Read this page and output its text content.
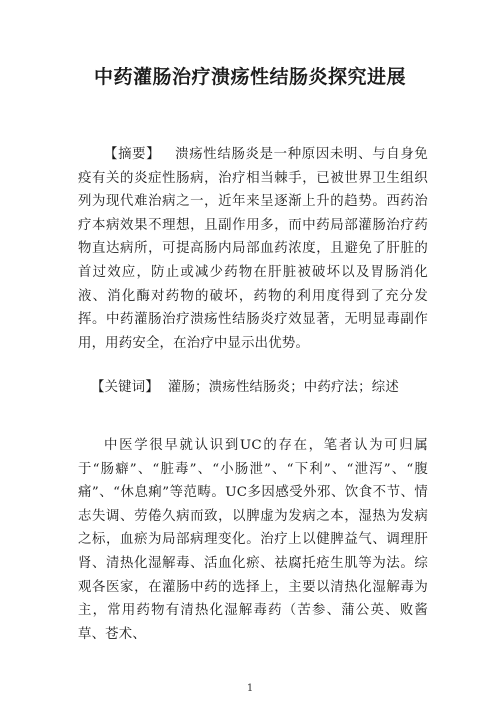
中药灌肠治疗溃疡性结肠炎探究进展
【摘要】 溃疡性结肠炎是一种原因未明、与自身免疫有关的炎症性肠病，治疗相当棘手，已被世界卫生组织列为现代难治病之一，近年来呈逐渐上升的趋势。西药治疗本病效果不理想，且副作用多，而中药局部灌肠治疗药物直达病所，可提高肠内局部血药浓度，且避免了肝脏的首过效应，防止或减少药物在肝脏被破坏以及胃肠消化液、消化酶对药物的破坏，药物的利用度得到了充分发挥。中药灌肠治疗溃疡性结肠炎疗效显著，无明显毒副作用，用药安全，在治疗中显示出优势。
【关键词】 灌肠；溃疡性结肠炎；中药疗法；综述
中医学很早就认识到UC的存在，笔者认为可归属于“肠癖”、“脏毒”、“小肠泄”、“下利”、“泄泻”、“腹痛”、“休息痢”等范畴。UC多因感受外邪、饮食不节、情志失调、劳倦久病而致，以脾虚为发病之本，湿热为发病之标，血瘀为局部病理变化。治疗上以健脾益气、调理肝肾、清热化湿解毒、活血化瘀、祛腐托疮生肌等为法。综观各医家，在灌肠中药的选择上，主要以清热化湿解毒为主，常用药物有清热化湿解毒药（苦参、蒲公英、败酱草、苍术、
1
